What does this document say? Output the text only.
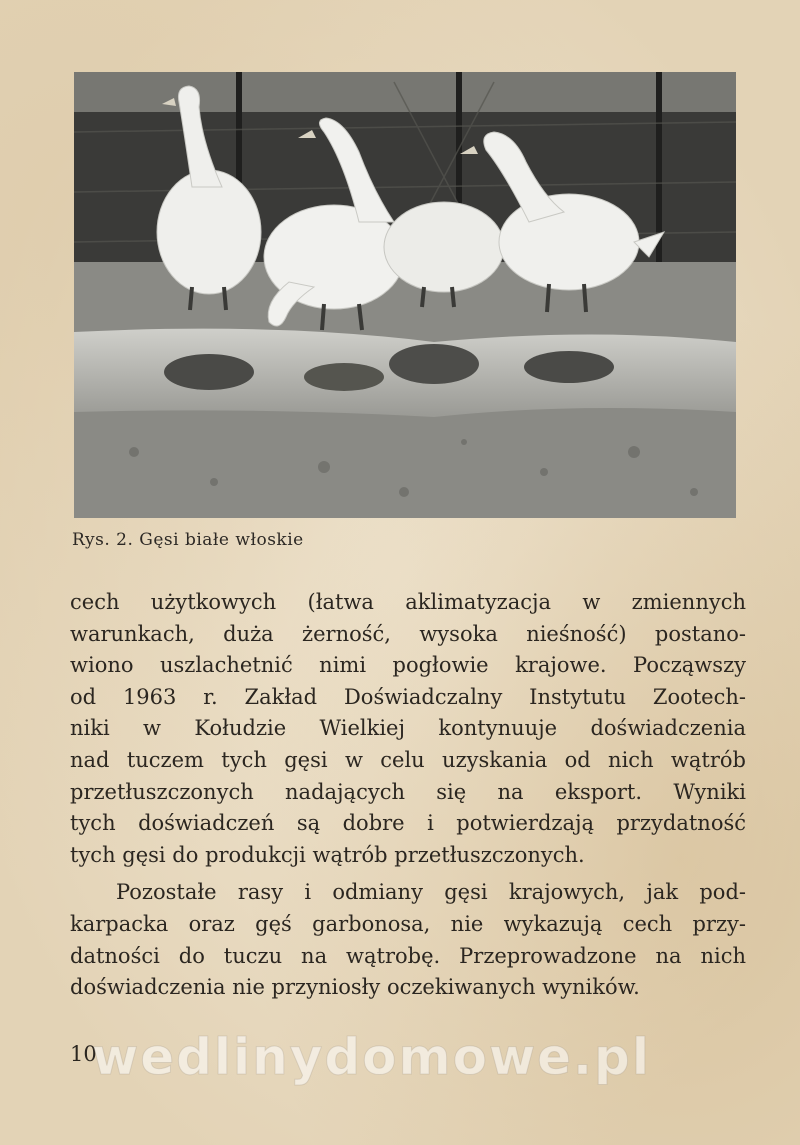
Rys. 2. Gęsi białe włoskie
cech użytkowych (łatwa aklimatyzacja w zmiennych
warunkach, duża żerność, wysoka nieśność) postano-
wiono uszlachetnić nimi pogłowie krajowe. Począwszy
od 1963 r. Zakład Doświadczalny Instytutu Zootech-
niki w Kołudzie Wielkiej kontynuuje doświadczenia
nad tuczem tych gęsi w celu uzyskania od nich wątrób
przetłuszczonych nadających się na eksport. Wyniki
tych doświadczeń są dobre i potwierdzają przydatność
tych gęsi do produkcji wątrób przetłuszczonych.
Pozostałe rasy i odmiany gęsi krajowych, jak pod-
karpacka oraz gęś garbonosa, nie wykazują cech przy-
datności do tuczu na wątrobę. Przeprowadzone na nich
doświadczenia nie przyniosły oczekiwanych wyników.
10
wedlinydomowe.pl
